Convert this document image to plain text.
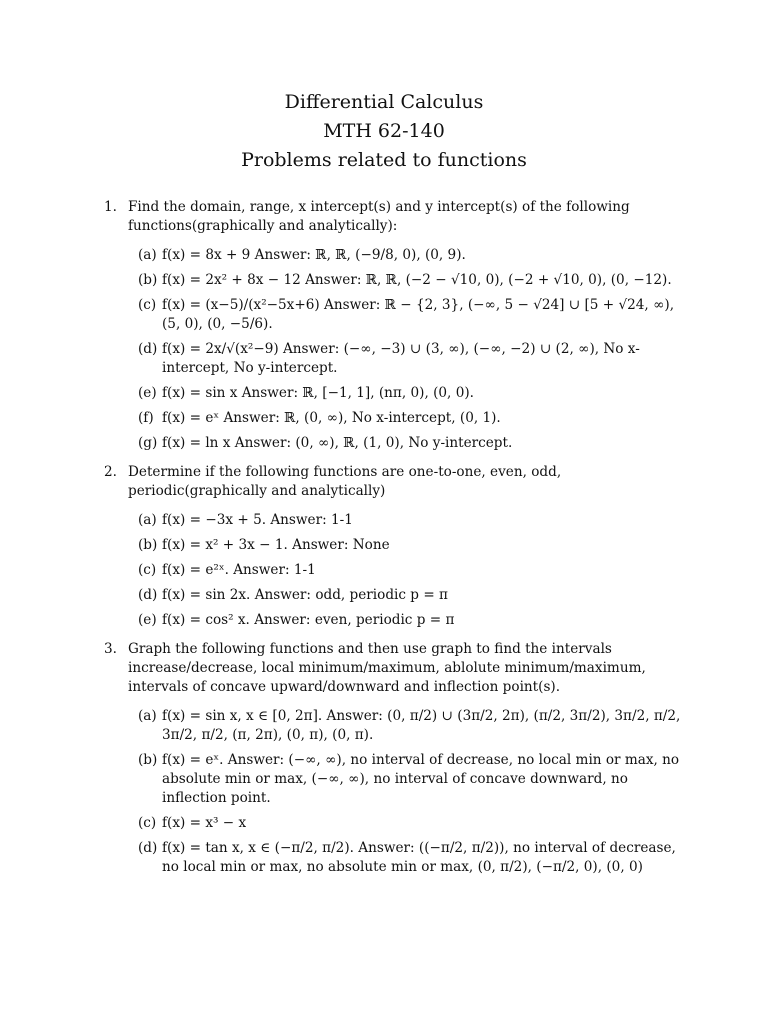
Differential Calculus
MTH 62-140
Problems related to functions
1. Find the domain, range, x intercept(s) and y intercept(s) of the following functions(graphically and analytically):
(a) f(x) = 8x + 9 Answer: ℝ, ℝ, (−9/8, 0), (0, 9).
(b) f(x) = 2x² + 8x − 12 Answer: ℝ, ℝ, (−2 − √10, 0), (−2 + √10, 0), (0, −12).
(c) f(x) = (x−5)/(x²−5x+6) Answer: ℝ − {2, 3}, (−∞, 5 − √24] ∪ [5 + √24, ∞), (5, 0), (0, −5/6).
(d) f(x) = 2x/√(x²−9) Answer: (−∞, −3) ∪ (3, ∞), (−∞, −2) ∪ (2, ∞), No x-intercept, No y-intercept.
(e) f(x) = sin x Answer: ℝ, [−1, 1], (nπ, 0), (0, 0).
(f) f(x) = eˣ Answer: ℝ, (0, ∞), No x-intercept, (0, 1).
(g) f(x) = ln x Answer: (0, ∞), ℝ, (1, 0), No y-intercept.
2. Determine if the following functions are one-to-one, even, odd, periodic(graphically and analytically)
(a) f(x) = −3x + 5. Answer: 1-1
(b) f(x) = x² + 3x − 1. Answer: None
(c) f(x) = e²ˣ. Answer: 1-1
(d) f(x) = sin 2x. Answer: odd, periodic p = π
(e) f(x) = cos² x. Answer: even, periodic p = π
3. Graph the following functions and then use graph to find the intervals increase/decrease, local minimum/maximum, ablolute minimum/maximum, intervals of concave upward/downward and inflection point(s).
(a) f(x) = sin x, x ∈ [0, 2π]. Answer: (0, π/2) ∪ (3π/2, 2π), (π/2, 3π/2), 3π/2, π/2, 3π/2, π/2, (π, 2π), (0, π), (0, π).
(b) f(x) = eˣ. Answer: (−∞, ∞), no interval of decrease, no local min or max, no absolute min or max, (−∞, ∞), no interval of concave downward, no inflection point.
(c) f(x) = x³ − x
(d) f(x) = tan x, x ∈ (−π/2, π/2). Answer: ((−π/2, π/2)), no interval of decrease, no local min or max, no absolute min or max, (0, π/2), (−π/2, 0), (0, 0)
